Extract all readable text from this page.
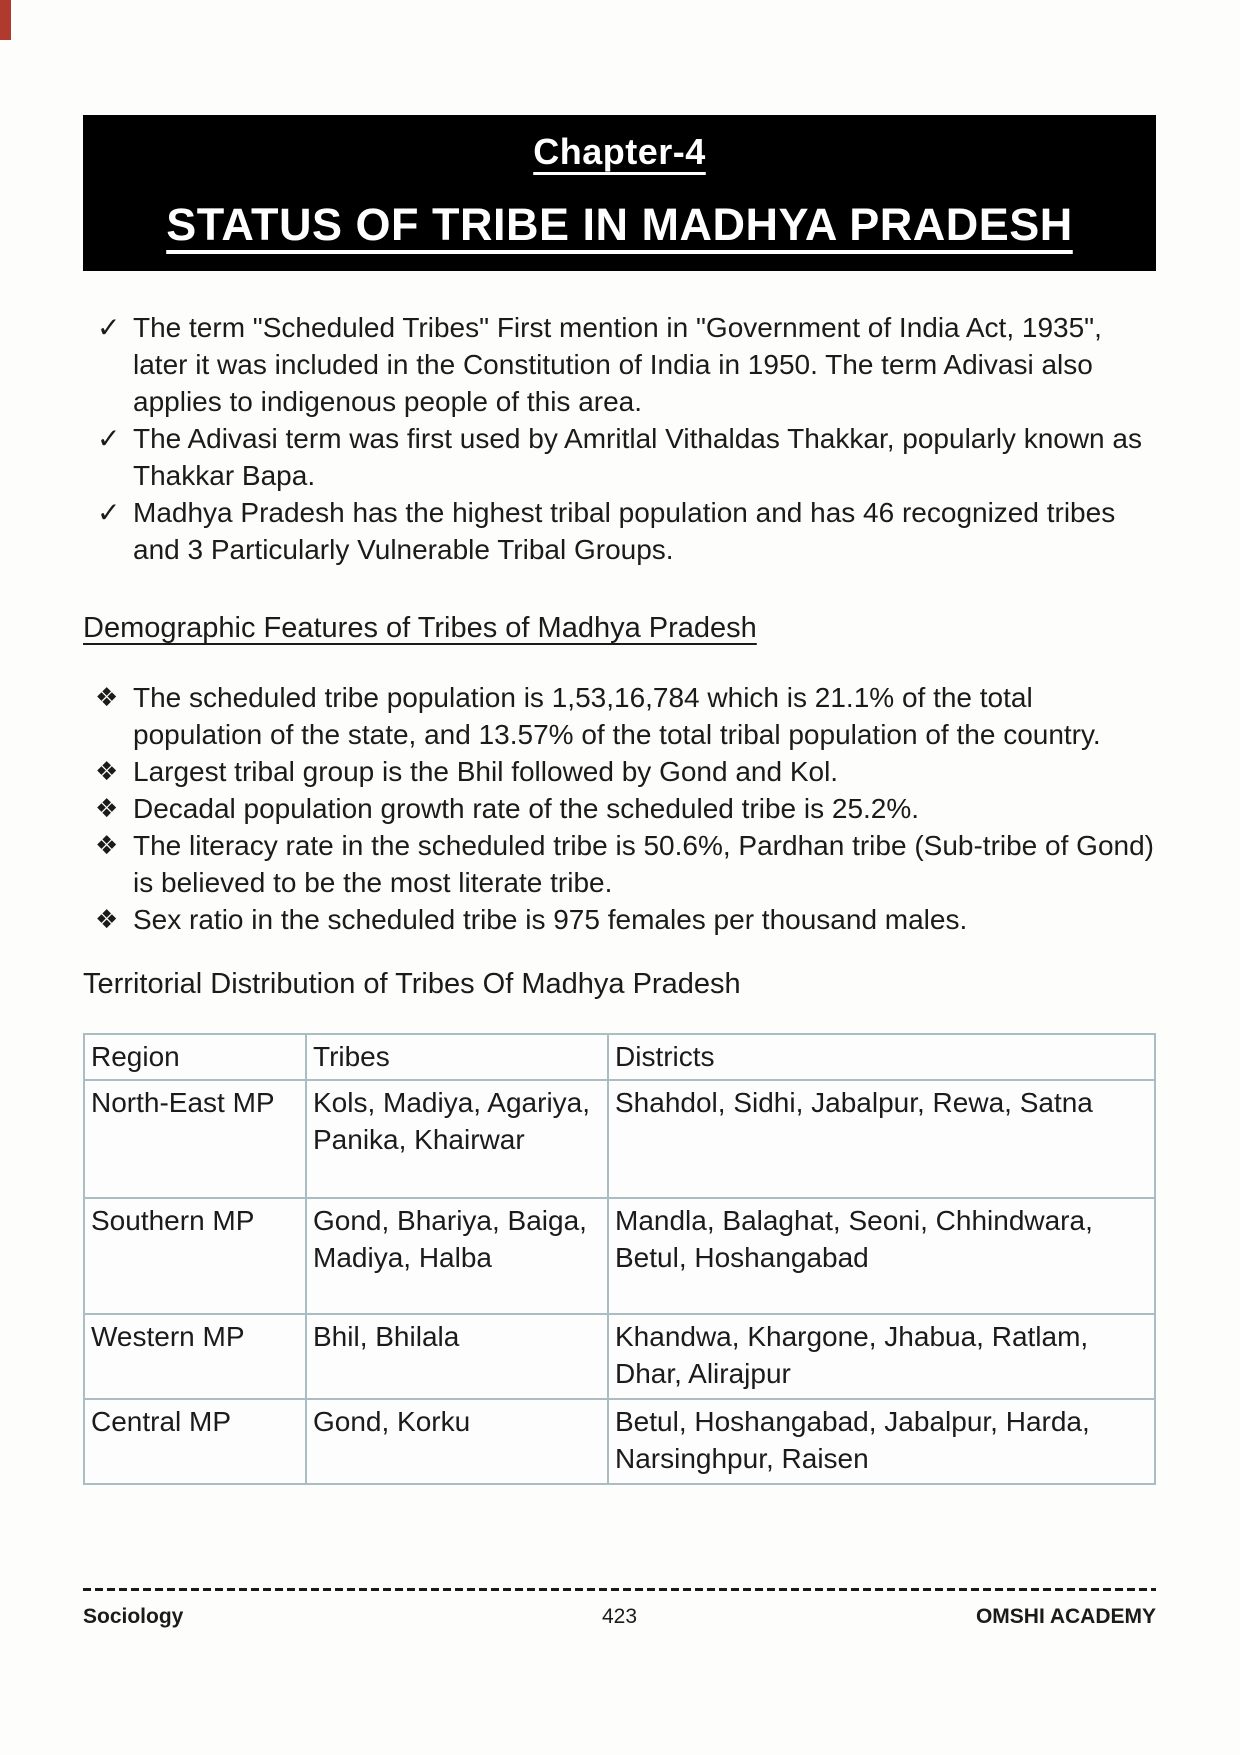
Chapter-4
STATUS OF TRIBE IN MADHYA PRADESH
✓ The term "Scheduled Tribes" First mention in "Government of India Act, 1935", later it was included in the Constitution of India in 1950. The term Adivasi also applies to indigenous people of this area.
✓ The Adivasi term was first used by Amritlal Vithaldas Thakkar, popularly known as Thakkar Bapa.
✓ Madhya Pradesh has the highest tribal population and has 46 recognized tribes and 3 Particularly Vulnerable Tribal Groups.
Demographic Features of Tribes of Madhya Pradesh
❖ The scheduled tribe population is 1,53,16,784 which is 21.1% of the total population of the state, and 13.57% of the total tribal population of the country.
❖ Largest tribal group is the Bhil followed by Gond and Kol.
❖ Decadal population growth rate of the scheduled tribe is 25.2%.
❖ The literacy rate in the scheduled tribe is 50.6%, Pardhan tribe (Sub-tribe of Gond) is believed to be the most literate tribe.
❖ Sex ratio in the scheduled tribe is 975 females per thousand males.
Territorial Distribution of Tribes Of Madhya Pradesh
Region	Tribes	Districts
North-East MP	Kols, Madiya, Agariya, Panika, Khairwar	Shahdol, Sidhi, Jabalpur, Rewa, Satna
Southern MP	Gond, Bhariya, Baiga, Madiya, Halba	Mandla, Balaghat, Seoni, Chhindwara, Betul, Hoshangabad
Western MP	Bhil, Bhilala	Khandwa, Khargone, Jhabua, Ratlam, Dhar, Alirajpur
Central MP	Gond, Korku	Betul, Hoshangabad, Jabalpur, Harda, Narsinghpur, Raisen
Sociology	423	OMSHI ACADEMY
